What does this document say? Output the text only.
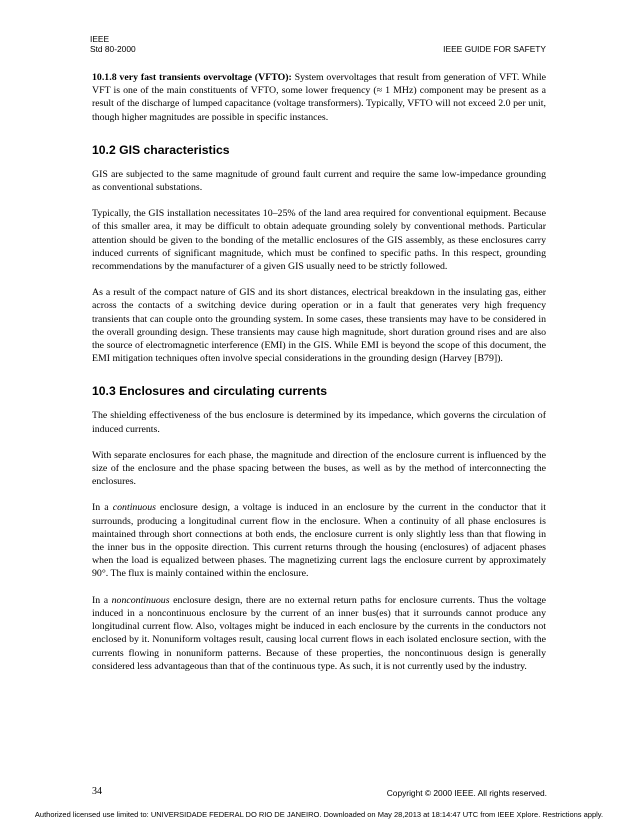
IEEE
Std 80-2000	IEEE GUIDE FOR SAFETY

10.1.8 very fast transients overvoltage (VFTO): System overvoltages that result from generation of VFT. While VFT is one of the main constituents of VFTO, some lower frequency (≈ 1 MHz) component may be present as a result of the discharge of lumped capacitance (voltage transformers). Typically, VFTO will not exceed 2.0 per unit, though higher magnitudes are possible in specific instances.

10.2 GIS characteristics

GIS are subjected to the same magnitude of ground fault current and require the same low-impedance grounding as conventional substations.

Typically, the GIS installation necessitates 10–25% of the land area required for conventional equipment. Because of this smaller area, it may be difficult to obtain adequate grounding solely by conventional methods. Particular attention should be given to the bonding of the metallic enclosures of the GIS assembly, as these enclosures carry induced currents of significant magnitude, which must be confined to specific paths. In this respect, grounding recommendations by the manufacturer of a given GIS usually need to be strictly followed.

As a result of the compact nature of GIS and its short distances, electrical breakdown in the insulating gas, either across the contacts of a switching device during operation or in a fault that generates very high frequency transients that can couple onto the grounding system. In some cases, these transients may have to be considered in the overall grounding design. These transients may cause high magnitude, short duration ground rises and are also the source of electromagnetic interference (EMI) in the GIS. While EMI is beyond the scope of this document, the EMI mitigation techniques often involve special considerations in the grounding design (Harvey [B79]).

10.3 Enclosures and circulating currents

The shielding effectiveness of the bus enclosure is determined by its impedance, which governs the circulation of induced currents.

With separate enclosures for each phase, the magnitude and direction of the enclosure current is influenced by the size of the enclosure and the phase spacing between the buses, as well as by the method of interconnecting the enclosures.

In a continuous enclosure design, a voltage is induced in an enclosure by the current in the conductor that it surrounds, producing a longitudinal current flow in the enclosure. When a continuity of all phase enclosures is maintained through short connections at both ends, the enclosure current is only slightly less than that flowing in the inner bus in the opposite direction. This current returns through the housing (enclosures) of adjacent phases when the load is equalized between phases. The magnetizing current lags the enclosure current by approximately 90°. The flux is mainly contained within the enclosure.

In a noncontinuous enclosure design, there are no external return paths for enclosure currents. Thus the voltage induced in a noncontinuous enclosure by the current of an inner bus(es) that it surrounds cannot produce any longitudinal current flow. Also, voltages might be induced in each enclosure by the currents in the conductors not enclosed by it. Nonuniform voltages result, causing local current flows in each isolated enclosure section, with the currents flowing in nonuniform patterns. Because of these properties, the noncontinuous design is generally considered less advantageous than that of the continuous type. As such, it is not currently used by the industry.

34	Copyright © 2000 IEEE. All rights reserved.
Authorized licensed use limited to: UNIVERSIDADE FEDERAL DO RIO DE JANEIRO. Downloaded on May 28,2013 at 18:14:47 UTC from IEEE Xplore. Restrictions apply.
